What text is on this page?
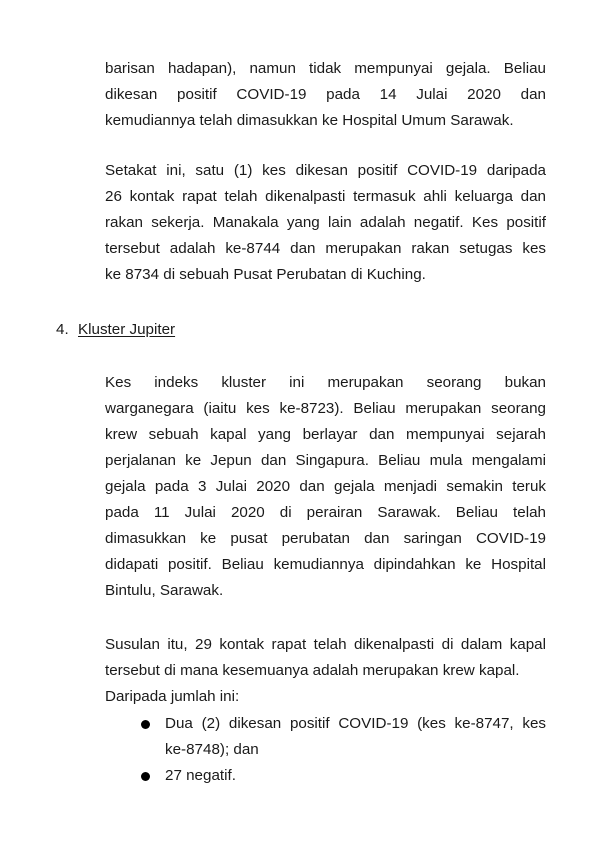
barisan hadapan), namun tidak mempunyai gejala. Beliau
dikesan positif COVID-19 pada 14 Julai 2020 dan
kemudiannya telah dimasukkan ke Hospital Umum Sarawak.

Setakat ini, satu (1) kes dikesan positif COVID-19 daripada
26 kontak rapat telah dikenalpasti termasuk ahli keluarga dan
rakan sekerja. Manakala yang lain adalah negatif. Kes positif
tersebut adalah ke-8744 dan merupakan rakan setugas kes
ke 8734 di sebuah Pusat Perubatan di Kuching.

4. Kluster Jupiter

Kes indeks kluster ini merupakan seorang bukan
warganegara (iaitu kes ke-8723). Beliau merupakan seorang
krew sebuah kapal yang berlayar dan mempunyai sejarah
perjalanan ke Jepun dan Singapura. Beliau mula mengalami
gejala pada 3 Julai 2020 dan gejala menjadi semakin teruk
pada 11 Julai 2020 di perairan Sarawak. Beliau telah
dimasukkan ke pusat perubatan dan saringan COVID-19
didapati positif. Beliau kemudiannya dipindahkan ke Hospital
Bintulu, Sarawak.

Susulan itu, 29 kontak rapat telah dikenalpasti di dalam kapal
tersebut di mana kesemuanya adalah merupakan krew kapal.
Daripada jumlah ini:

Dua (2) dikesan positif COVID-19 (kes ke-8747, kes
ke-8748); dan
27 negatif.
